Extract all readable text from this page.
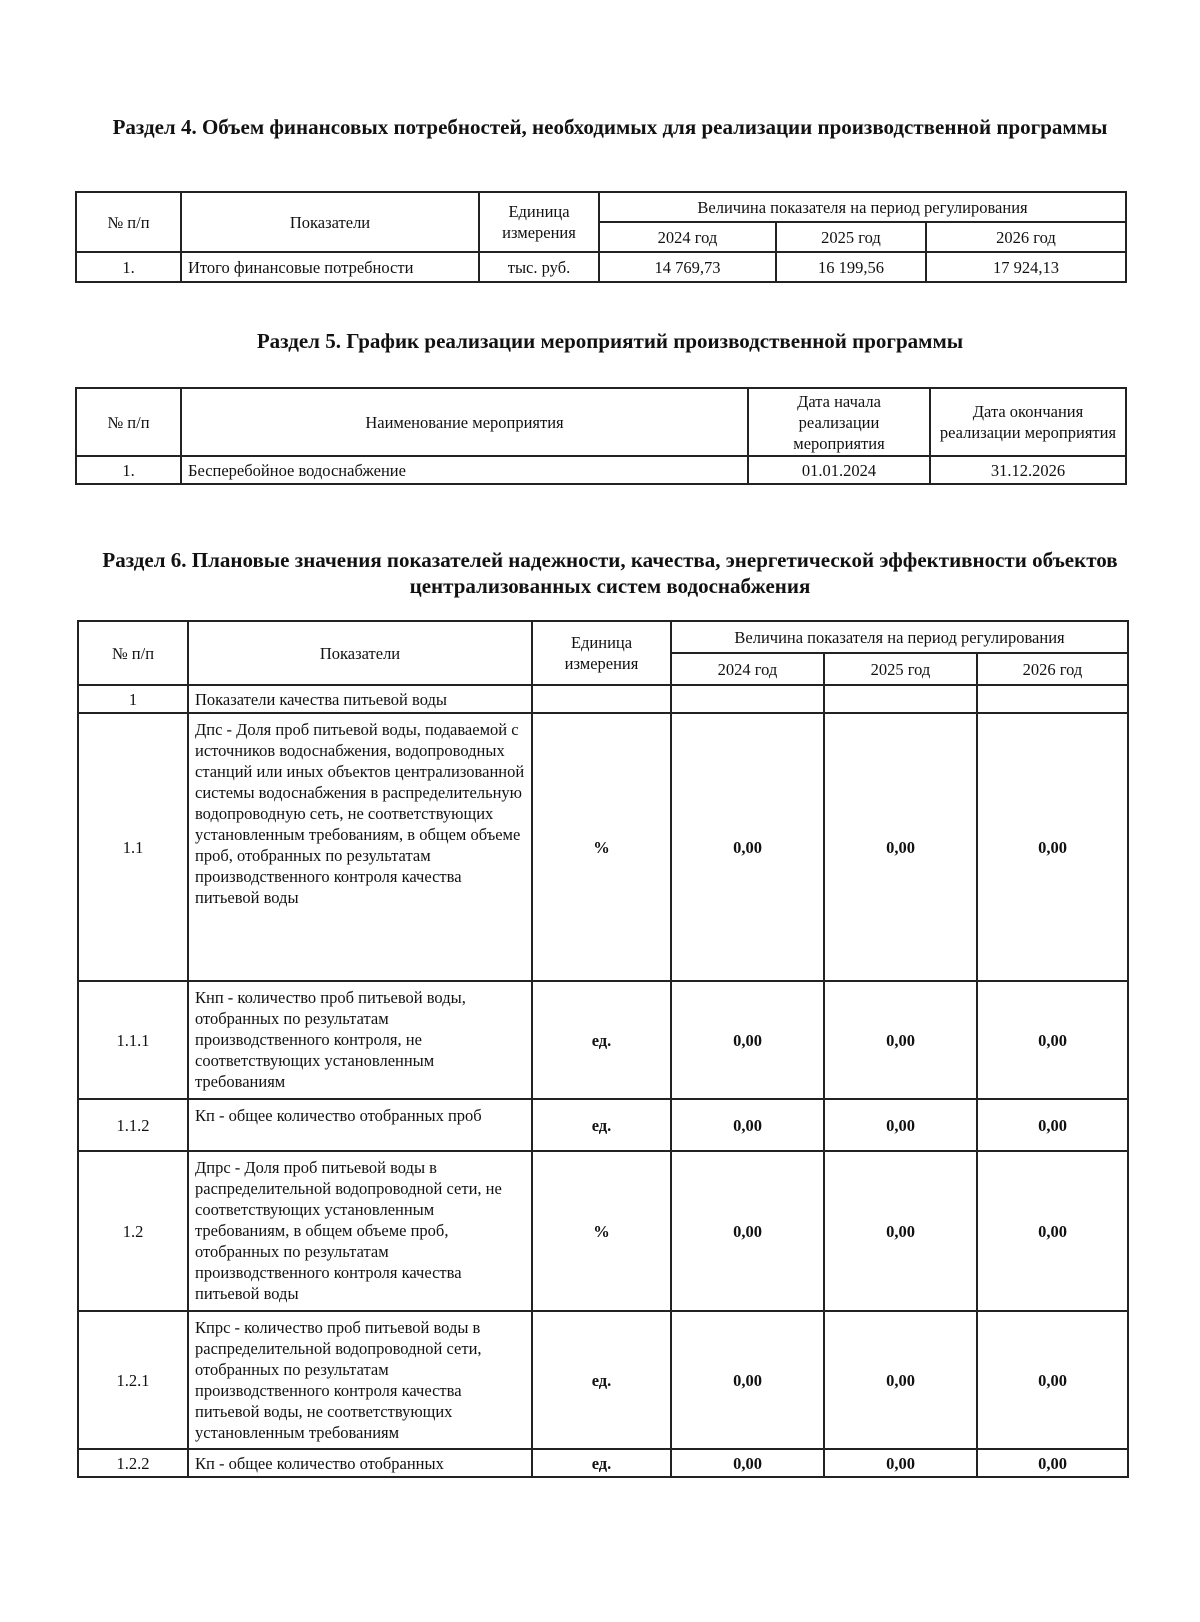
Раздел 4. Объем финансовых потребностей, необходимых для реализации производственной программы
№ п/п	Показатели	Единица измерения	Величина показателя на период регулирования		
			2024 год	2025 год	2026 год
1.	Итого финансовые потребности	тыс. руб.	14 769,73	16 199,56	17 924,13
Раздел 5. График реализации мероприятий производственной программы
№ п/п	Наименование мероприятия	Дата начала реализации мероприятия	Дата окончания реализации мероприятия
1.	Бесперебойное водоснабжение	01.01.2024	31.12.2026
Раздел 6. Плановые значения показателей надежности, качества, энергетической эффективности объектов централизованных систем водоснабжения
№ п/п	Показатели	Единица измерения	Величина показателя на период регулирования		
			2024 год	2025 год	2026 год
1	Показатели качества питьевой воды				
1.1	Дпс - Доля проб питьевой воды, подаваемой с источников водоснабжения, водопроводных станций или иных объектов централизованной системы водоснабжения в распределительную водопроводную сеть, не соответствующих установленным требованиям, в общем объеме проб, отобранных по результатам производственного контроля качества питьевой воды	%	0,00	0,00	0,00
1.1.1	Кнп - количество проб питьевой воды, отобранных по результатам производственного контроля, не соответствующих установленным требованиям	ед.	0,00	0,00	0,00
1.1.2	Кп - общее количество отобранных проб	ед.	0,00	0,00	0,00
1.2	Дпрс - Доля проб питьевой воды в распределительной водопроводной сети, не соответствующих установленным требованиям, в общем объеме проб, отобранных по результатам производственного контроля качества питьевой воды	%	0,00	0,00	0,00
1.2.1	Кпрс - количество проб питьевой воды в распределительной водопроводной сети, отобранных по результатам производственного контроля качества питьевой воды, не соответствующих установленным требованиям	ед.	0,00	0,00	0,00
1.2.2	Кп - общее количество отобранных	ед.	0,00	0,00	0,00
